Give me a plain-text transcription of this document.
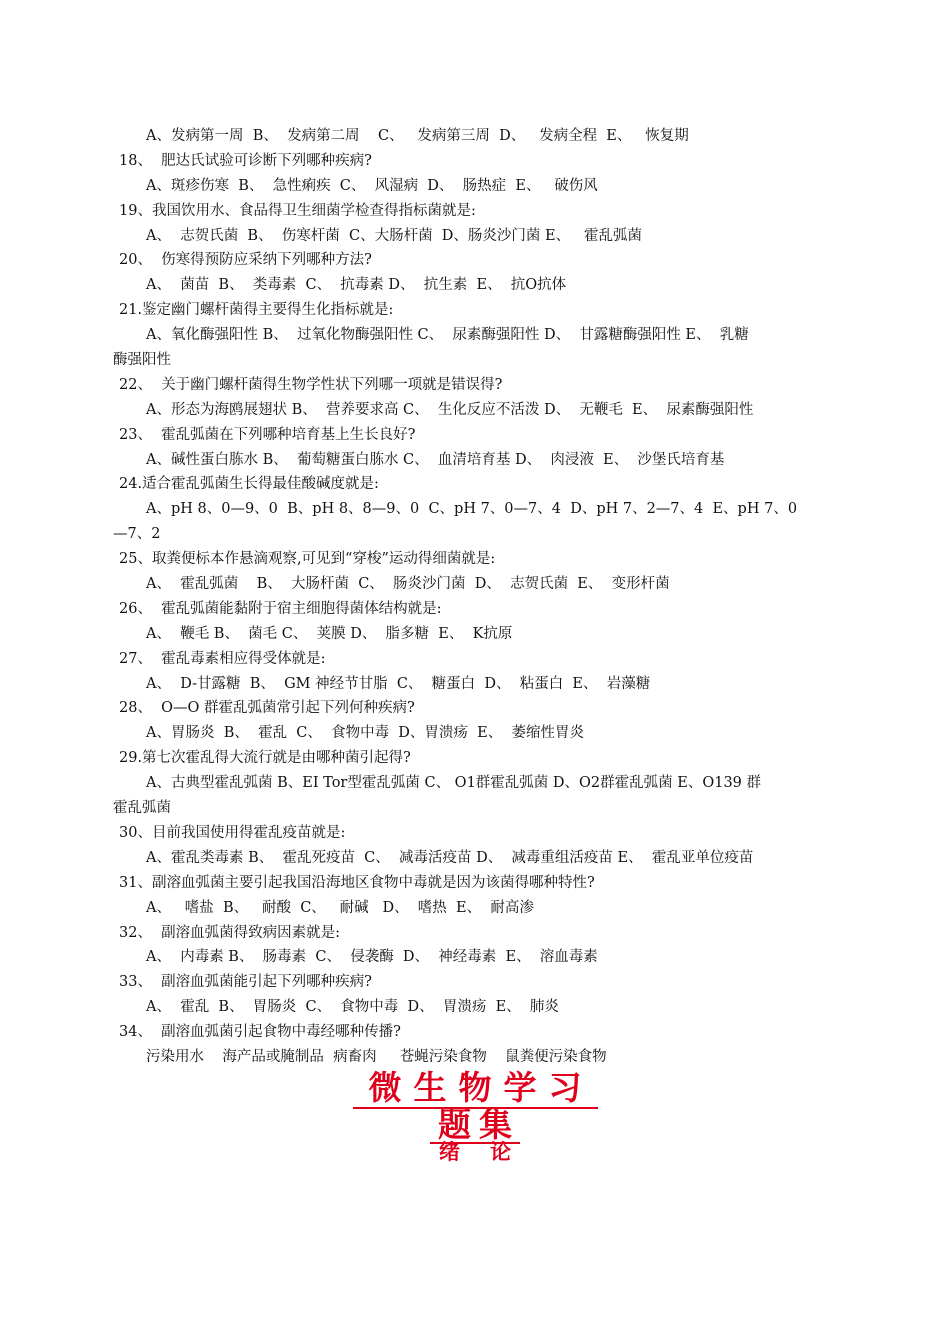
A、发病第一周  B、  发病第二周    C、   发病第三周  D、   发病全程  E、   恢复期
18、  肥达氏试验可诊断下列哪种疾病?
A、斑疹伤寒  B、  急性痢疾  C、  风湿病  D、  肠热症  E、   破伤风
19、我国饮用水、食品得卫生细菌学检查得指标菌就是:
A、  志贺氏菌  B、  伤寒杆菌  C、大肠杆菌  D、肠炎沙门菌 E、   霍乱弧菌
20、  伤寒得预防应采纳下列哪种方法?
A、  菌苗  B、  类毒素  C、  抗毒素 D、  抗生素  E、  抗O抗体
21.鉴定幽门螺杆菌得主要得生化指标就是:
A、氧化酶强阳性 B、  过氧化物酶强阳性 C、  尿素酶强阳性 D、  甘露糖酶强阳性 E、  乳糖
酶强阳性
22、  关于幽门螺杆菌得生物学性状下列哪一项就是错误得?
A、形态为海鸥展翅状 B、  营养要求高 C、  生化反应不活泼 D、  无鞭毛  E、  尿素酶强阳性
23、  霍乱弧菌在下列哪种培育基上生长良好?
A、碱性蛋白胨水 B、  葡萄糖蛋白胨水 C、  血清培育基 D、  肉浸液  E、  沙堡氏培育基
24.适合霍乱弧菌生长得最佳酸碱度就是:
A、pH 8、0—9、0  B、pH 8、8—9、0  C、pH 7、0—7、4  D、pH 7、2—7、4  E、pH 7、0
—7、2
25、取粪便标本作悬滴观察,可见到“穿梭”运动得细菌就是:
A、  霍乱弧菌    B、  大肠杆菌  C、  肠炎沙门菌  D、  志贺氏菌  E、  变形杆菌
26、  霍乱弧菌能黏附于宿主细胞得菌体结构就是:
A、  鞭毛 B、  菌毛 C、  荚膜 D、  脂多糖  E、  K抗原
27、  霍乱毒素相应得受体就是:
A、  D-甘露糖  B、  GM 神经节甘脂  C、  糖蛋白  D、  粘蛋白  E、  岩藻糖
28、  O—O 群霍乱弧菌常引起下列何种疾病?
A、胃肠炎  B、  霍乱  C、  食物中毒  D、胃溃疡  E、  萎缩性胃炎
29.第七次霍乱得大流行就是由哪种菌引起得?
A、古典型霍乱弧菌 B、EI Tor型霍乱弧菌 C、 O1群霍乱弧菌 D、O2群霍乱弧菌 E、O139 群
霍乱弧菌
30、目前我国使用得霍乱疫苗就是:
A、霍乱类毒素 B、  霍乱死疫苗  C、  减毒活疫苗 D、  减毒重组活疫苗 E、  霍乱亚单位疫苗
31、副溶血弧菌主要引起我国沿海地区食物中毒就是因为该菌得哪种特性?
A、   嗜盐  B、   耐酸  C、   耐碱   D、  嗜热  E、  耐高渗
32、  副溶血弧菌得致病因素就是:
A、  内毒素 B、  肠毒素  C、  侵袭酶  D、  神经毒素  E、  溶血毒素
33、  副溶血弧菌能引起下列哪种疾病?
A、  霍乱  B、  胃肠炎  C、  食物中毒  D、  胃溃疡  E、  肺炎
34、  副溶血弧菌引起食物中毒经哪种传播?
污染用水    海产品或腌制品  病畜肉     苍蝇污染食物    鼠粪便污染食物
微生物学习
题集
绪论
